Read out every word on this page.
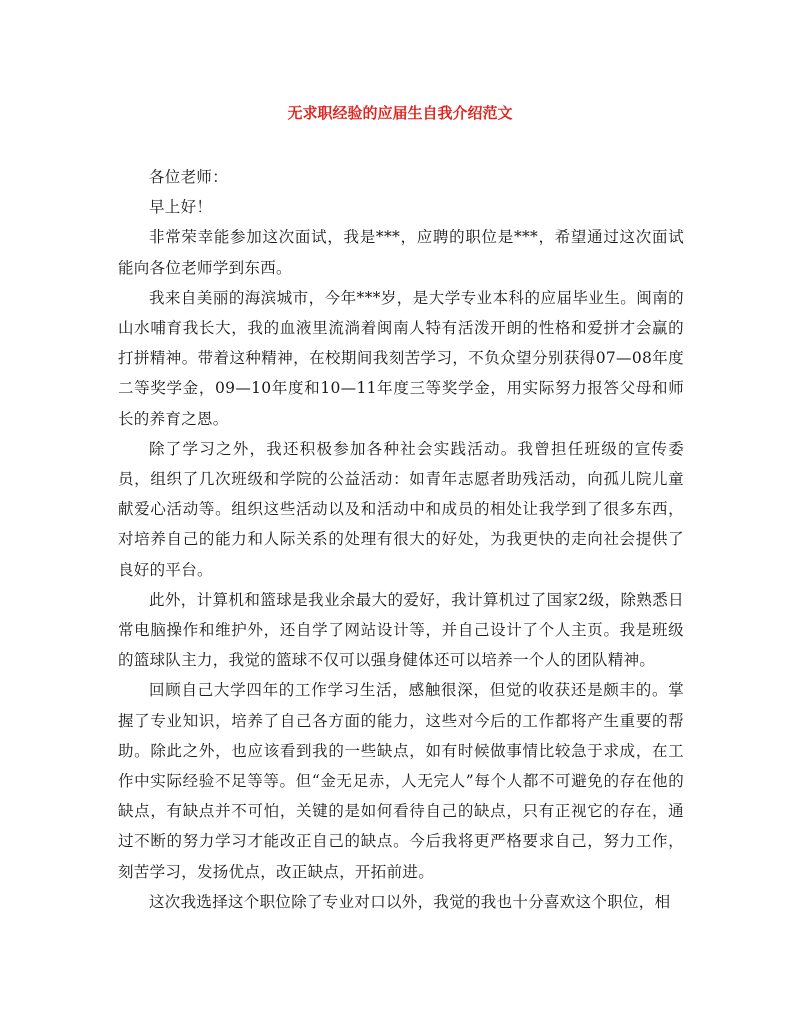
无求职经验的应届生自我介绍范文

各位老师：

早上好！

非常荣幸能参加这次面试，我是***，应聘的职位是***，希望通过这次面试能向各位老师学到东西。

我来自美丽的海滨城市，今年***岁，是大学专业本科的应届毕业生。闽南的山水哺育我长大，我的血液里流淌着闽南人特有活泼开朗的性格和爱拼才会赢的打拼精神。带着这种精神，在校期间我刻苦学习，不负众望分别获得07—08年度二等奖学金，09—10年度和10—11年度三等奖学金，用实际努力报答父母和师长的养育之恩。

除了学习之外，我还积极参加各种社会实践活动。我曾担任班级的宣传委员，组织了几次班级和学院的公益活动：如青年志愿者助残活动，向孤儿院儿童献爱心活动等。组织这些活动以及和活动中和成员的相处让我学到了很多东西，对培养自己的能力和人际关系的处理有很大的好处，为我更快的走向社会提供了良好的平台。

此外，计算机和篮球是我业余最大的爱好，我计算机过了国家2级，除熟悉日常电脑操作和维护外，还自学了网站设计等，并自己设计了个人主页。我是班级的篮球队主力，我觉的篮球不仅可以强身健体还可以培养一个人的团队精神。

回顾自己大学四年的工作学习生活，感触很深，但觉的收获还是颇丰的。掌握了专业知识，培养了自己各方面的能力，这些对今后的工作都将产生重要的帮助。除此之外，也应该看到我的一些缺点，如有时候做事情比较急于求成，在工作中实际经验不足等等。但“金无足赤，人无完人”每个人都不可避免的存在他的缺点，有缺点并不可怕，关键的是如何看待自己的缺点，只有正视它的存在，通过不断的努力学习才能改正自己的缺点。今后我将更严格要求自己，努力工作，刻苦学习，发扬优点，改正缺点，开拓前进。

这次我选择这个职位除了专业对口以外，我觉的我也十分喜欢这个职位，相
